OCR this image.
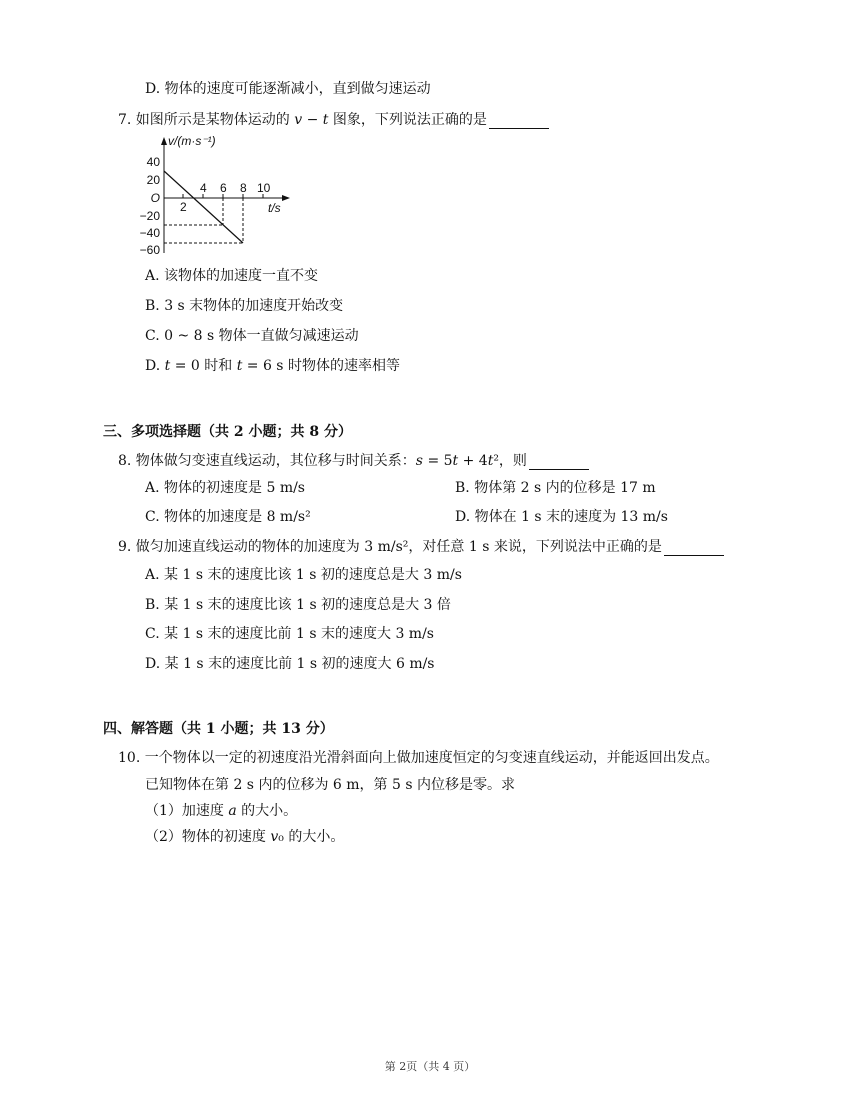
D. 物体的速度可能逐渐减小，直到做匀速运动
7. 如图所示是某物体运动的 𝑣 − 𝑡 图象，下列说法正确的是
v/(m·s⁻¹)
40
20
O
−20
−40
−60
4 6 8 10
2	t/s
A. 该物体的加速度一直不变
B. 3 s 末物体的加速度开始改变
C. 0 ~ 8 s 物体一直做匀减速运动
D. 𝑡 = 0 时和 𝑡 = 6 s 时物体的速率相等
三、多项选择题（共 2 小题；共 8 分）
8. 物体做匀变速直线运动，其位移与时间关系：𝑠 = 5𝑡 + 4𝑡²，则
A. 物体的初速度是 5 m/s	B. 物体第 2 s 内的位移是 17 m
C. 物体的加速度是 8 m/s²	D. 物体在 1 s 末的速度为 13 m/s
9. 做匀加速直线运动的物体的加速度为 3 m/s²，对任意 1 s 来说，下列说法中正确的是
A. 某 1 s 末的速度比该 1 s 初的速度总是大 3 m/s
B. 某 1 s 末的速度比该 1 s 初的速度总是大 3 倍
C. 某 1 s 末的速度比前 1 s 末的速度大 3 m/s
D. 某 1 s 末的速度比前 1 s 初的速度大 6 m/s
四、解答题（共 1 小题；共 13 分）
10. 一个物体以一定的初速度沿光滑斜面向上做加速度恒定的匀变速直线运动，并能返回出发点。
已知物体在第 2 s 内的位移为 6 m，第 5 s 内位移是零。求
（1）加速度 𝑎 的大小。
（2）物体的初速度 𝑣₀ 的大小。
第 2页（共 4 页）
